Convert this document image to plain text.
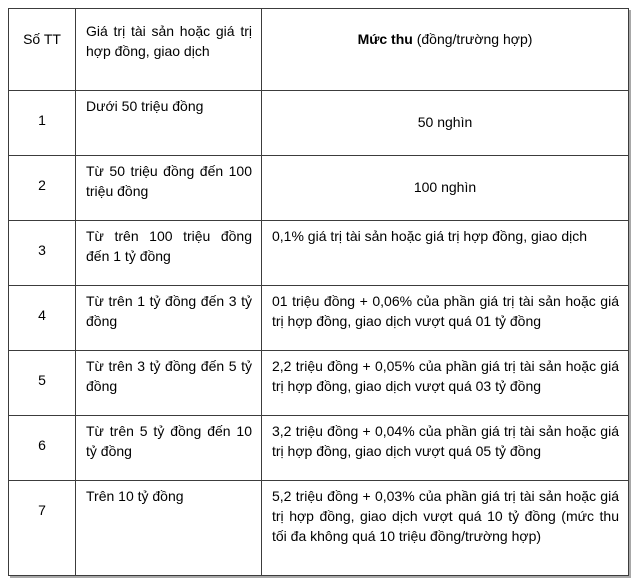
Số TT	Giá trị tài sản hoặc giá trị hợp đồng, giao dịch	Mức thu (đồng/trường hợp)
1	Dưới 50 triệu đồng	50 nghìn
2	Từ 50 triệu đồng đến 100 triệu đồng	100 nghìn
3	Từ trên 100 triệu đồng đến 1 tỷ đồng	0,1% giá trị tài sản hoặc giá trị hợp đồng, giao dịch
4	Từ trên 1 tỷ đồng đến 3 tỷ đồng	01 triệu đồng + 0,06% của phần giá trị tài sản hoặc giá trị hợp đồng, giao dịch vượt quá 01 tỷ đồng
5	Từ trên 3 tỷ đồng đến 5 tỷ đồng	2,2 triệu đồng + 0,05% của phần giá trị tài sản hoặc giá trị hợp đồng, giao dịch vượt quá 03 tỷ đồng
6	Từ trên 5 tỷ đồng đến 10 tỷ đồng	3,2 triệu đồng + 0,04% của phần giá trị tài sản hoặc giá trị hợp đồng, giao dịch vượt quá 05 tỷ đồng
7	Trên 10 tỷ đồng	5,2 triệu đồng + 0,03% của phần giá trị tài sản hoặc giá trị hợp đồng, giao dịch vượt quá 10 tỷ đồng (mức thu tối đa không quá 10 triệu đồng/trường hợp)
